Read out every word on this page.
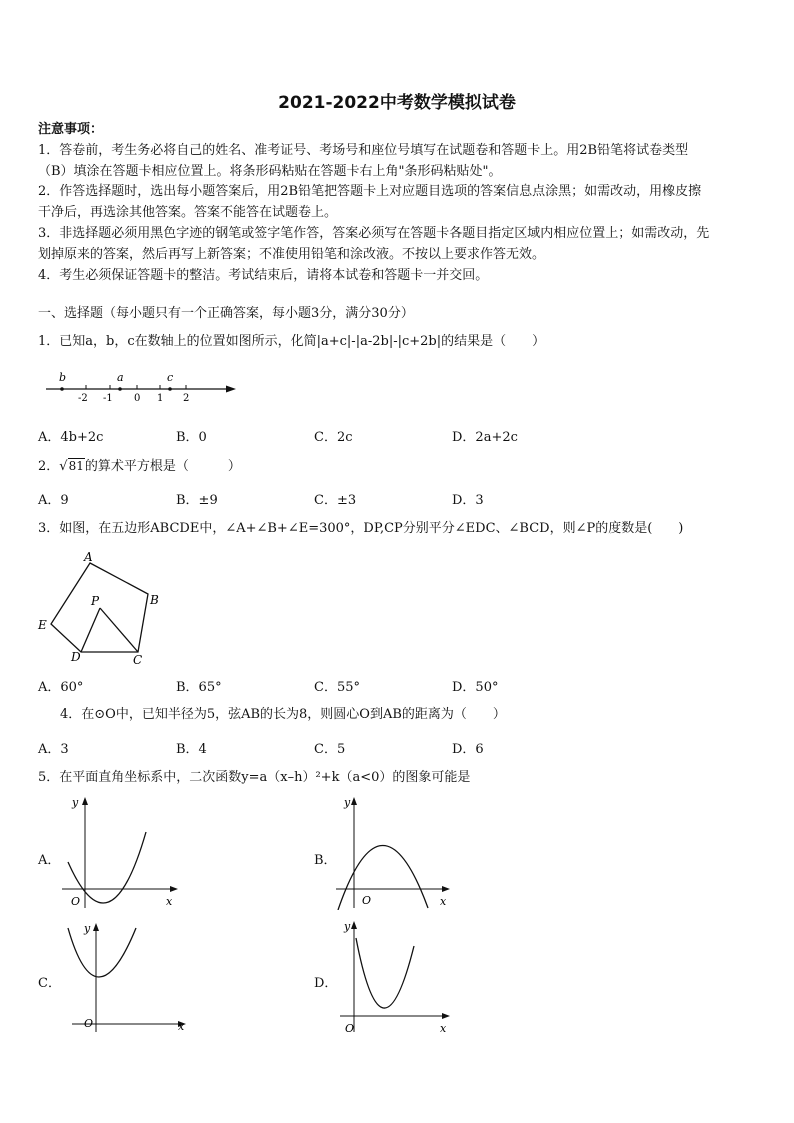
2021-2022中考数学模拟试卷
注意事项：
1．答卷前，考生务必将自己的姓名、准考证号、考场号和座位号填写在试题卷和答题卡上。用2B铅笔将试卷类型
（B）填涂在答题卡相应位置上。将条形码粘贴在答题卡右上角"条形码粘贴处"。
2．作答选择题时，选出每小题答案后，用2B铅笔把答题卡上对应题目选项的答案信息点涂黑；如需改动，用橡皮擦
干净后，再选涂其他答案。答案不能答在试题卷上。
3．非选择题必须用黑色字迹的钢笔或签字笔作答，答案必须写在答题卡各题目指定区域内相应位置上；如需改动，先
划掉原来的答案，然后再写上新答案；不准使用铅笔和涂改液。不按以上要求作答无效。
4．考生必须保证答题卡的整洁。考试结束后，请将本试卷和答题卡一并交回。
一、选择题（每小题只有一个正确答案，每小题3分，满分30分）
1．已知a，b，c在数轴上的位置如图所示，化简|a+c|-|a-2b|-|c+2b|的结果是（　　）
b	a	c
-2 -1 0 1 2
A．4b+2c	B．0	C．2c	D．2a+2c
2．√81的算术平方根是（　　　）
A．9	B．±9	C．±3	D．3
3．如图，在五边形ABCDE中，∠A+∠B+∠E=300°，DP,CP分别平分∠EDC、∠BCD，则∠P的度数是(　　)
A
B
C
D
E
P
A．60°	B．65°	C．55°	D．50°
4．在⊙O中，已知半径为5，弦AB的长为8，则圆心O到AB的距离为（　　）
A．3	B．4	C．5	D．6
5．在平面直角坐标系中，二次函数y=a（x–h）²+k（a<0）的图象可能是
A．
y
x
O
B．
y
x
O
C．
y
x
O
D．
y
x
O
